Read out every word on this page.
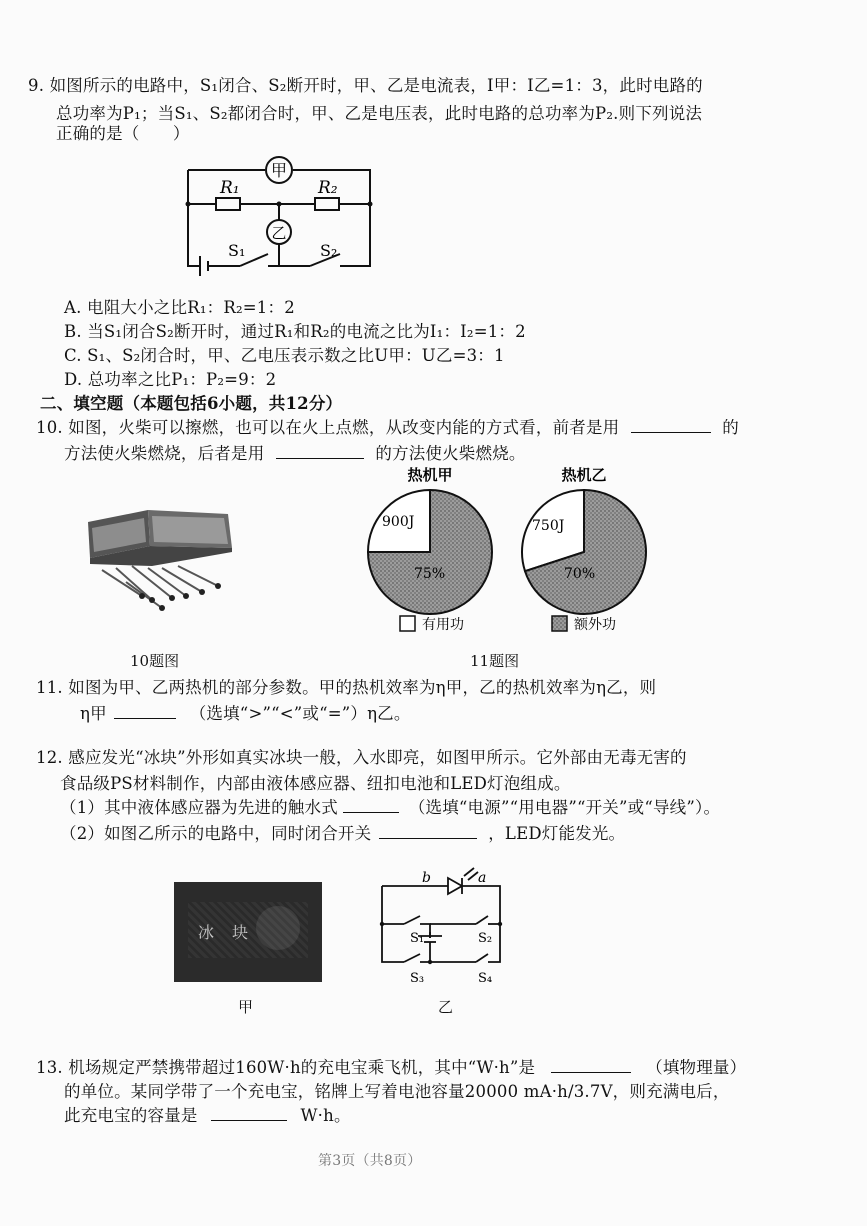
9. 如图所示的电路中，S₁闭合、S₂断开时，甲、乙是电流表，I甲：I乙=1：3，此时电路的
总功率为P₁；当S₁、S₂都闭合时，甲、乙是电压表，此时电路的总功率为P₂.则下列说法
正确的是（　　）
甲
乙
R₁	R₂
S₁	S₂
A. 电阻大小之比R₁：R₂=1：2
B. 当S₁闭合S₂断开时，通过R₁和R₂的电流之比为I₁：I₂=1：2
C. S₁、S₂闭合时，甲、乙电压表示数之比U甲：U乙=3：1
D. 总功率之比P₁：P₂=9：2
二、填空题（本题包括6小题，共12分）
10. 如图，火柴可以擦燃，也可以在火上点燃，从改变内能的方式看，前者是用	的
方法使火柴燃烧，后者是用	的方法使火柴燃烧。
热机甲	热机乙
900J
75%
750J
70%
有用功	额外功
10题图	11题图
11. 如图为甲、乙两热机的部分参数。甲的热机效率为η甲，乙的热机效率为η乙，则
η甲	（选填“>”“<”或“=”）η乙。
12. 感应发光“冰块”外形如真实冰块一般，入水即亮，如图甲所示。它外部由无毒无害的
食品级PS材料制作，内部由液体感应器、纽扣电池和LED灯泡组成。
（1）其中液体感应器为先进的触水式	（选填“电源”“用电器”“开关”或“导线”）。
（2）如图乙所示的电路中，同时闭合开关	，LED灯能发光。
冰块
b	a
S₁	S₂
S₃	S₄
甲	乙
13. 机场规定严禁携带超过160W·h的充电宝乘飞机，其中“W·h”是	（填物理量）
的单位。某同学带了一个充电宝，铭牌上写着电池容量20000 mA·h/3.7V，则充满电后，
此充电宝的容量是	W·h。
第3页（共8页）
